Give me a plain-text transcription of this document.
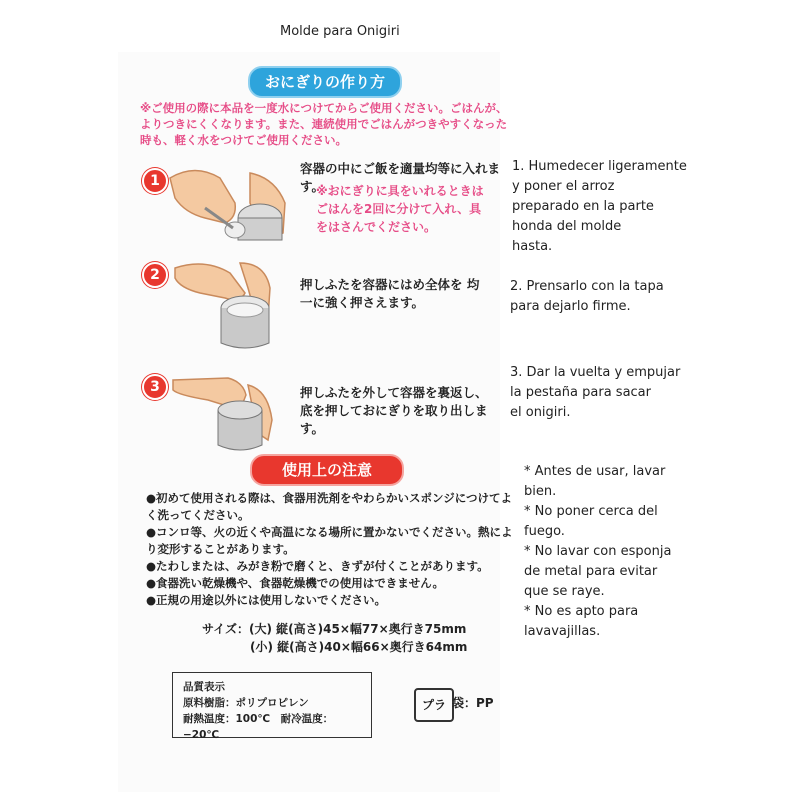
Molde para Onigiri
おにぎりの作り方
※ご使用の際に本品を一度水につけてからご使用ください。ごはんが、よりつきにくくなります。また、連続使用でごはんがつきやすくなった時も、軽く水をつけてご使用ください。
1
容器の中にご飯を適量均等に入れます。
※おにぎりに具をいれるときは ごはんを2回に分けて入れ、具をはさんでください。
1. Humedecer ligeramente
y poner el arroz
preparado en la parte
honda del molde
hasta.
2
押しふたを容器にはめ全体を 均一に強く押さえます。
2. Prensarlo con la tapa
para dejarlo firme.
3	押しふたを外して容器を裏返し、 底を押しておにぎりを取り出します。
3. Dar la vuelta y empujar
la pestaña para sacar
el onigiri.
使用上の注意
●初めて使用される際は、食器用洗剤をやわらかいスポンジにつけてよく洗ってください。
●コンロ等、火の近くや高温になる場所に置かないでください。熱により変形することがあります。
●たわしまたは、みがき粉で磨くと、きずが付くことがあります。
●食器洗い乾燥機や、食器乾燥機での使用はできません。
●正規の用途以外には使用しないでください。
サイズ：(大) 縦(高さ)45×幅77×奥行き75mm
(小) 縦(高さ)40×幅66×奥行き64mm
品質表示
原料樹脂：ポリプロピレン
耐熱温度：100℃　耐冷温度：−20℃
プラ 袋：PP
* Antes de usar, lavar
bien.
* No poner cerca del
fuego.
* No lavar con esponja
de metal para evitar
que se raye.
* No es apto para
lavavajillas.
